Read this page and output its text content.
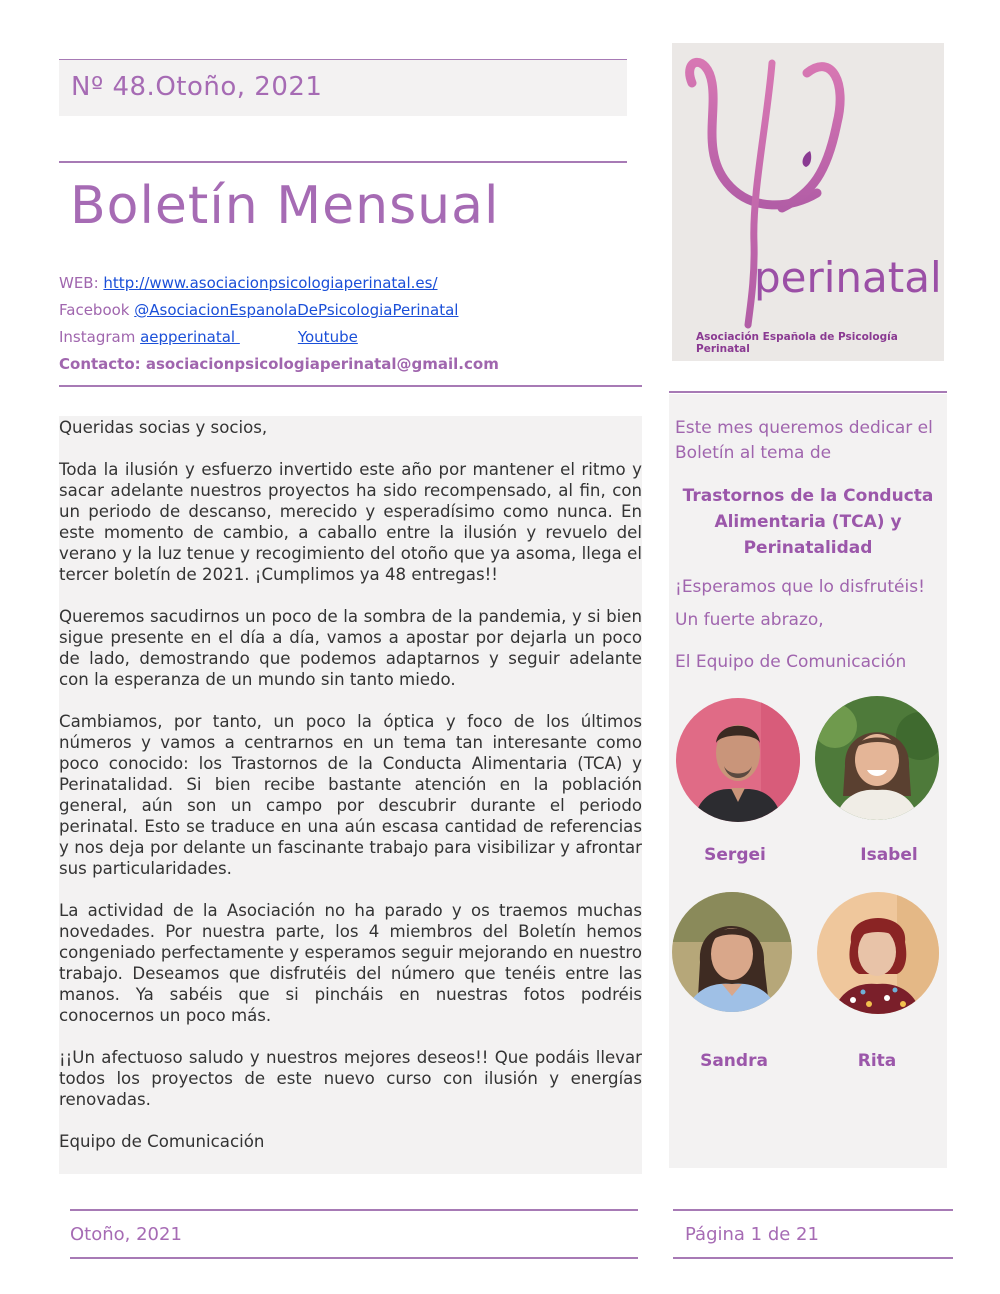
Nº 48.Otoño, 2021
Boletín Mensual
WEB: http://www.asociacionpsicologiaperinatal.es/
Facebook @AsociacionEspanolaDePsicologiaPerinatal
Instagram aepperinatal	Youtube
Contacto: asociacionpsicologiaperinatal@gmail.com

Queridas socias y socios,

Toda la ilusión y esfuerzo invertido este año por mantener el ritmo y sacar adelante nuestros proyectos ha sido recompensado, al fin, con un periodo de descanso, merecido y esperadísimo como nunca. En este momento de cambio, a caballo entre la ilusión y revuelo del verano y la luz tenue y recogimiento del otoño que ya asoma, llega el tercer boletín de 2021. ¡Cumplimos ya 48 entregas!!

Queremos sacudirnos un poco de la sombra de la pandemia, y si bien sigue presente en el día a día, vamos a apostar por dejarla un poco de lado, demostrando que podemos adaptarnos y seguir adelante con la esperanza de un mundo sin tanto miedo.

Cambiamos, por tanto, un poco la óptica y foco de los últimos números y vamos a centrarnos en un tema tan interesante como poco conocido: los Trastornos de la Conducta Alimentaria (TCA) y Perinatalidad. Si bien recibe bastante atención en la población general, aún son un campo por descubrir durante el periodo perinatal. Esto se traduce en una aún escasa cantidad de referencias y nos deja por delante un fascinante trabajo para visibilizar y afrontar sus particularidades.

La actividad de la Asociación no ha parado y os traemos muchas novedades. Por nuestra parte, los 4 miembros del Boletín hemos congeniado perfectamente y esperamos seguir mejorando en nuestro trabajo. Deseamos que disfrutéis del número que tenéis entre las manos. Ya sabéis que si pincháis en nuestras fotos podréis conocernos un poco más.

¡¡Un afectuoso saludo y nuestros mejores deseos!! Que podáis llevar todos los proyectos de este nuevo curso con ilusión y energías renovadas.

Equipo de Comunicación

perinatal
Asociación Española de Psicología Perinatal
Este mes queremos dedicar el Boletín al tema de
Trastornos de la Conducta Alimentaria (TCA) y Perinatalidad
¡Esperamos que lo disfrutéis!
Un fuerte abrazo,
El Equipo de Comunicación
Sergei	Isabel
Sandra	Rita
Otoño, 2021	Página 1 de 21
